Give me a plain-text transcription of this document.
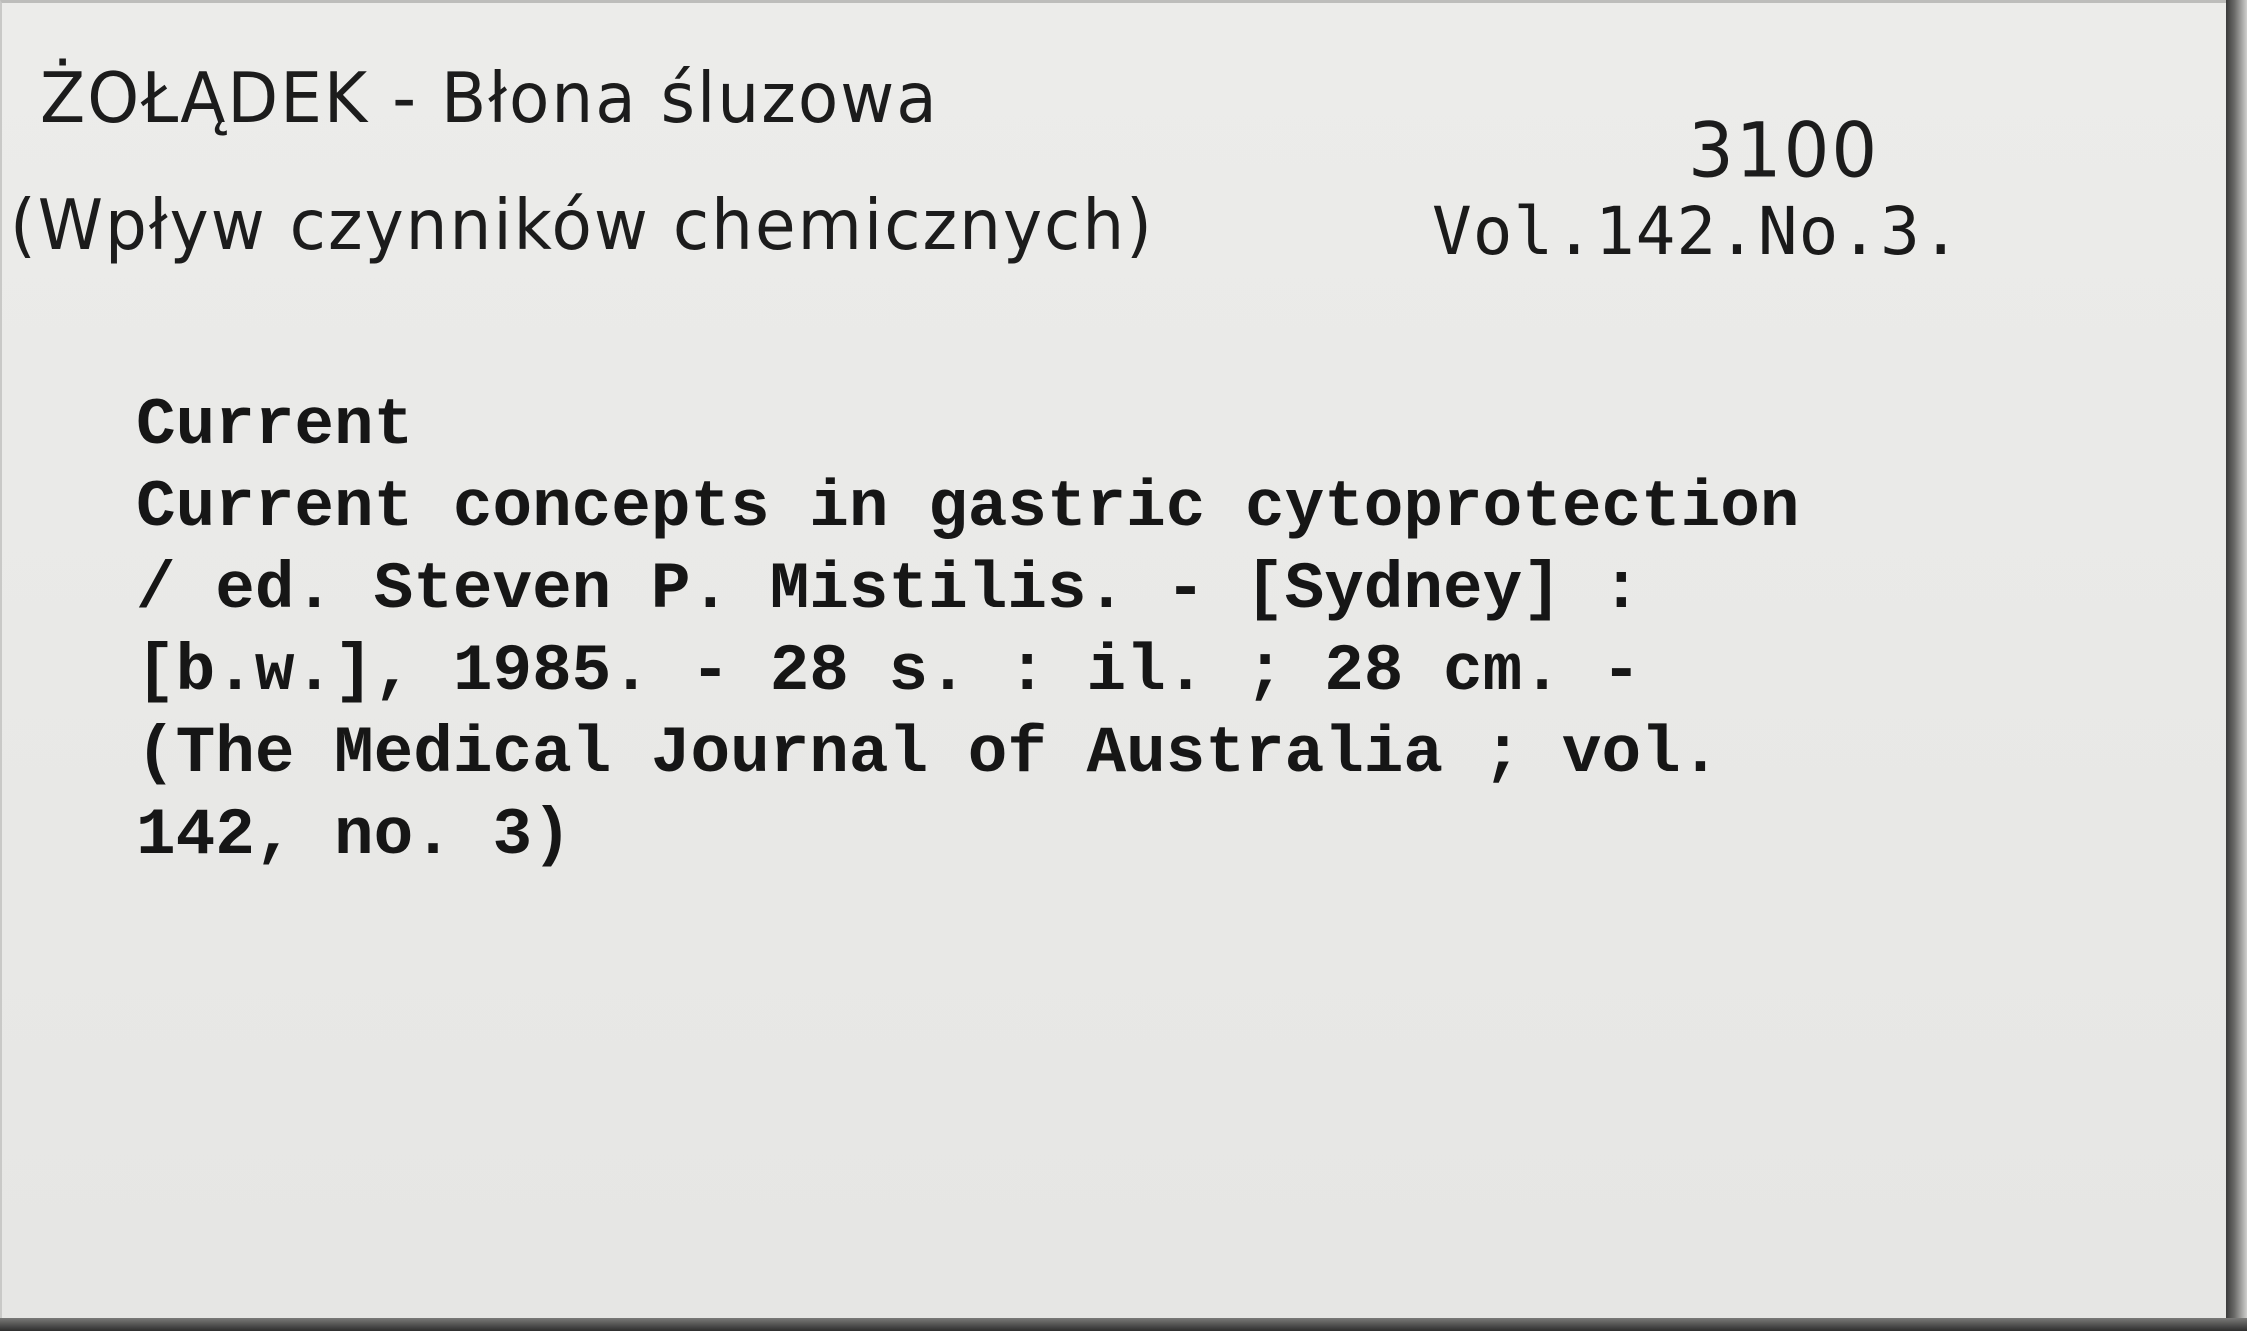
ŻOŁĄDEK - Błona śluzowa
(Wpływ czynników chemicznych)
3100
Vol.142.No.3.
Current
Current concepts in gastric cytoprotection
/ ed. Steven P. Mistilis. - [Sydney] :
[b.w.], 1985. - 28 s. : il. ; 28 cm. -
(The Medical Journal of Australia ; vol.
142, no. 3)
